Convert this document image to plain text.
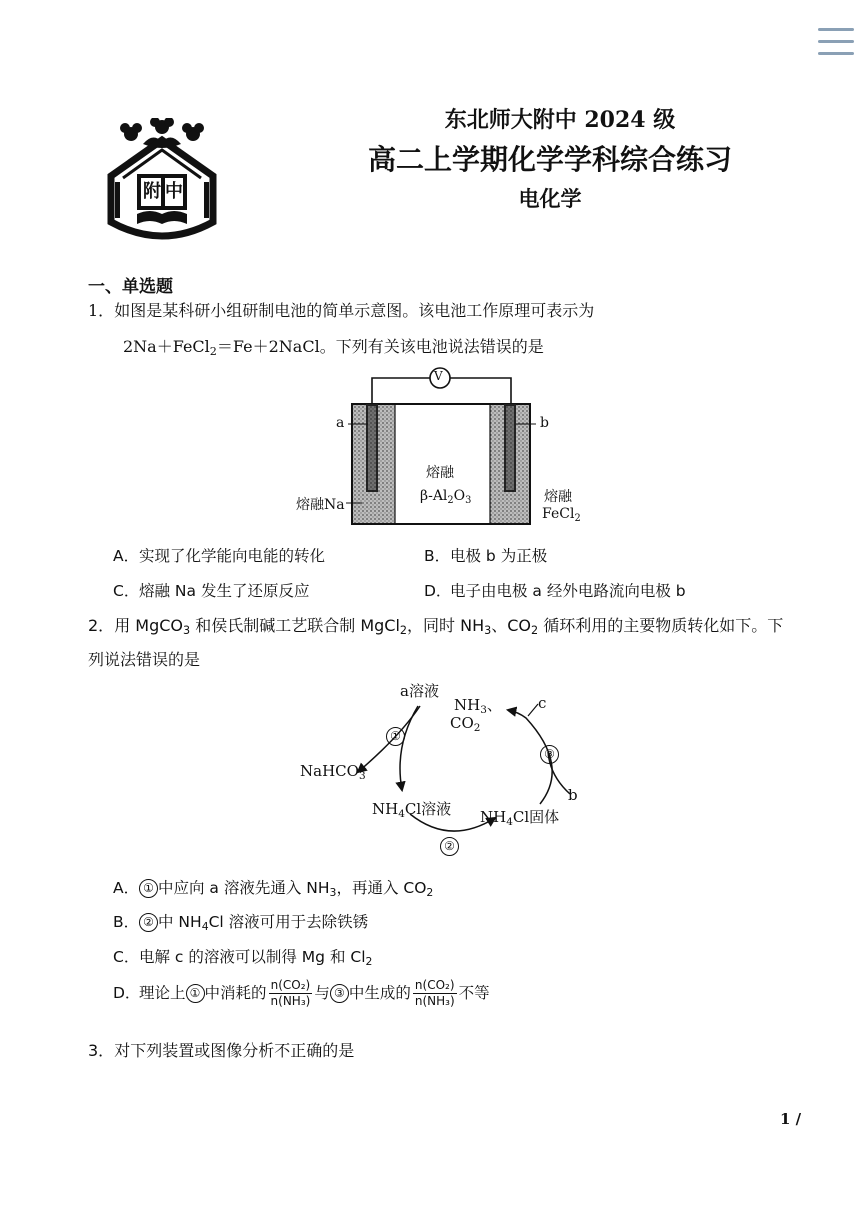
附 中
东北师大附中 2024 级
高二上学期化学学科综合练习
电化学
一、单选题
1．如图是某科研小组研制电池的简单示意图。该电池工作原理可表示为
2Na＋FeCl$_2$＝Fe＋2NaCl。下列有关该电池说法错误的是
V
a	b
熔融
$\beta-Al_2O_3$
熔融Na	熔融
FeCl$_2$
A．实现了化学能向电能的转化	B．电极 b 为正极
C．熔融 Na 发生了还原反应	D．电子由电极 a 经外电路流向电极 b
2．用 MgCO$_3$ 和侯氏制碱工艺联合制 MgCl$_2$，同时 $NH_3$、$CO_2$ 循环利用的主要物质转化如下。下
列说法错误的是
a溶液
$NH_3$、
$CO_2$
c
①
③
NaHCO$_3$
$NH_4Cl$溶液
b
$NH_4Cl$固体
②
A． ① 中应向 a 溶液先通入 $NH_3$，再通入 $CO_2$
B． ② 中 $NH_4Cl$ 溶液可用于去除铁锈
C．电解 c 的溶液可以制得 Mg 和 $Cl_2$
D．理论上 ① 中消耗的 $\frac{\text{n(CO₂)}}{\text{n(NH₃)}}$ 与 ③ 中生成的 $\frac{\text{n(CO₂)}}{\text{n(NH₃)}}$ 不等
3．对下列装置或图像分析不正确的是
1 /
